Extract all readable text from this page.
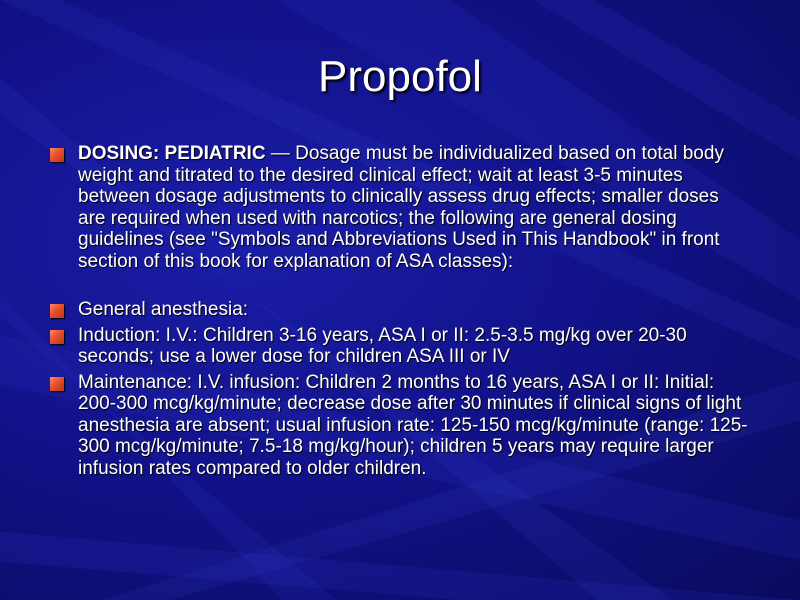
Propofol
DOSING: PEDIATRIC — Dosage must be individualized based on total body weight and titrated to the desired clinical effect; wait at least 3-5 minutes between dosage adjustments to clinically assess drug effects; smaller doses are required when used with narcotics; the following are general dosing guidelines (see "Symbols and Abbreviations Used in This Handbook" in front section of this book for explanation of ASA classes):
General anesthesia:
Induction: I.V.: Children 3-16 years, ASA I or II: 2.5-3.5 mg/kg over 20-30 seconds; use a lower dose for children ASA III or IV
Maintenance: I.V. infusion: Children 2 months to 16 years, ASA I or II: Initial: 200-300 mcg/kg/minute; decrease dose after 30 minutes if clinical signs of light anesthesia are absent; usual infusion rate: 125-150 mcg/kg/minute (range: 125-300 mcg/kg/minute; 7.5-18 mg/kg/hour); children 5 years may require larger infusion rates compared to older children.
